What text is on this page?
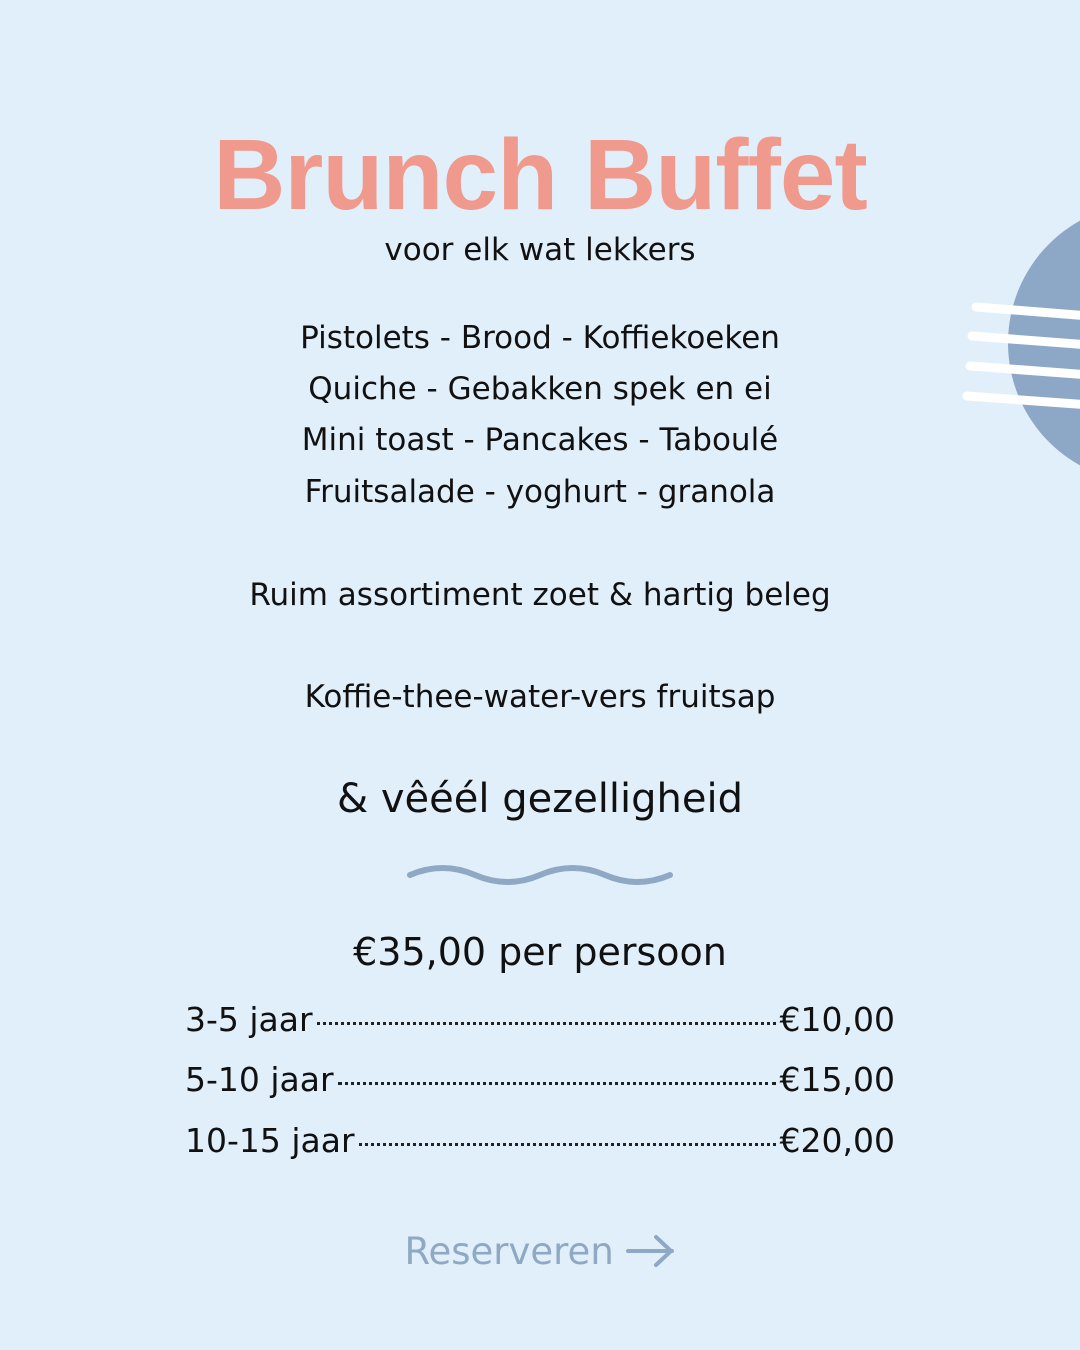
Brunch Buffet
voor elk wat lekkers
Pistolets - Brood - Koffiekoeken
Quiche - Gebakken spek en ei
Mini toast - Pancakes - Taboulé
Fruitsalade - yoghurt - granola
Ruim assortiment zoet & hartig beleg
Koffie-thee-water-vers fruitsap
& vêéél gezelligheid
€35,00 per persoon
3-5 jaar	€10,00
5-10 jaar	€15,00
10-15 jaar	€20,00
Reserveren
